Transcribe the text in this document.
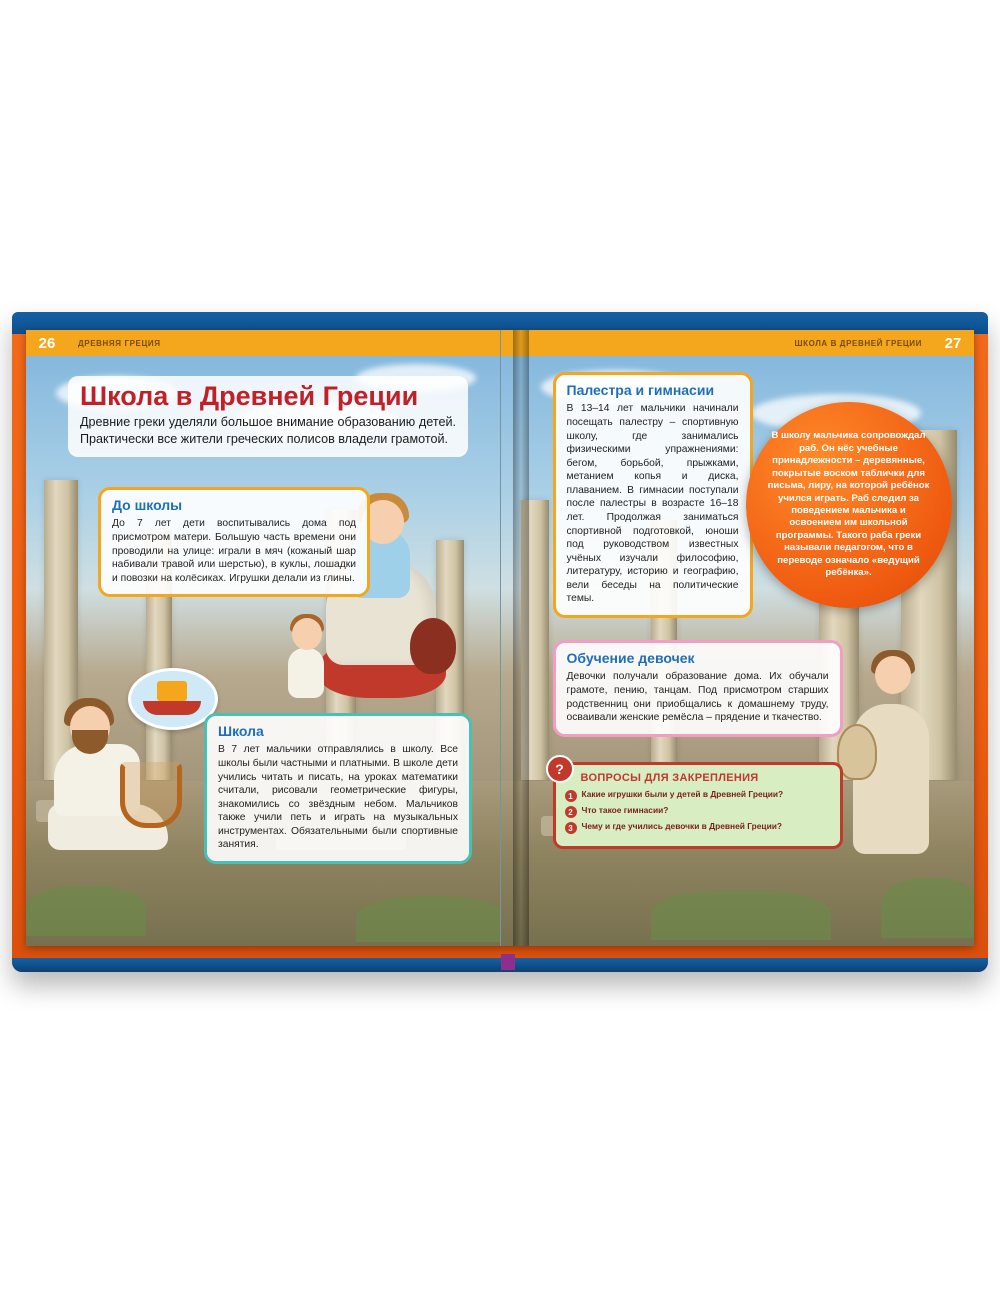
26	ДРЕВНЯЯ ГРЕЦИЯ
Школа в Древней Греции

Древние греки уделяли большое внимание образованию детей. Практически все жители греческих полисов владели грамотой.

До школы

До 7 лет дети воспитывались дома под присмотром матери. Большую часть времени они проводили на улице: играли в мяч (кожаный шар набивали травой или шерстью), в куклы, лошадки и повозки на колёсиках. Игрушки делали из глины.

Школа

В 7 лет мальчики отправлялись в школу. Все школы были частными и платными. В школе дети учились читать и писать, на уроках математики считали, рисовали геометрические фигуры, знакомились со звёздным небом. Мальчиков также учили петь и играть на музыкальных инструментах. Обязательными были спортивные занятия.

ШКОЛА В ДРЕВНЕЙ ГРЕЦИИ	27
Палестра и гимнасии

В 13–14 лет мальчики начинали посещать палестру – спортивную школу, где занимались физическими упражнениями: бегом, борьбой, прыжками, метанием копья и диска, плаванием. В гимнасии поступали после палестры в возрасте 16–18 лет. Продолжая заниматься спортивной подготовкой, юноши под руководством известных учёных изучали философию, литературу, историю и географию, вели беседы на политические темы.

В школу мальчика сопровождал раб. Он нёс учебные принадлежности – деревянные, покрытые воском таблички для письма, лиру, на которой ребёнок учился играть. Раб следил за поведением мальчика и освоением им школьной программы. Такого раба греки называли педагогом, что в переводе означало «ведущий ребёнка».

Обучение девочек

Девочки получали образование дома. Их обучали грамоте, пению, танцам. Под присмотром старших родственниц они приобщались к домашнему труду, осваивали женские ремёсла – прядение и ткачество.

?
ВОПРОСЫ ДЛЯ ЗАКРЕПЛЕНИЯ
1	Какие игрушки были у детей в Древней Греции?
2	Что такое гимнасии?
3	Чему и где учились девочки в Древней Греции?
